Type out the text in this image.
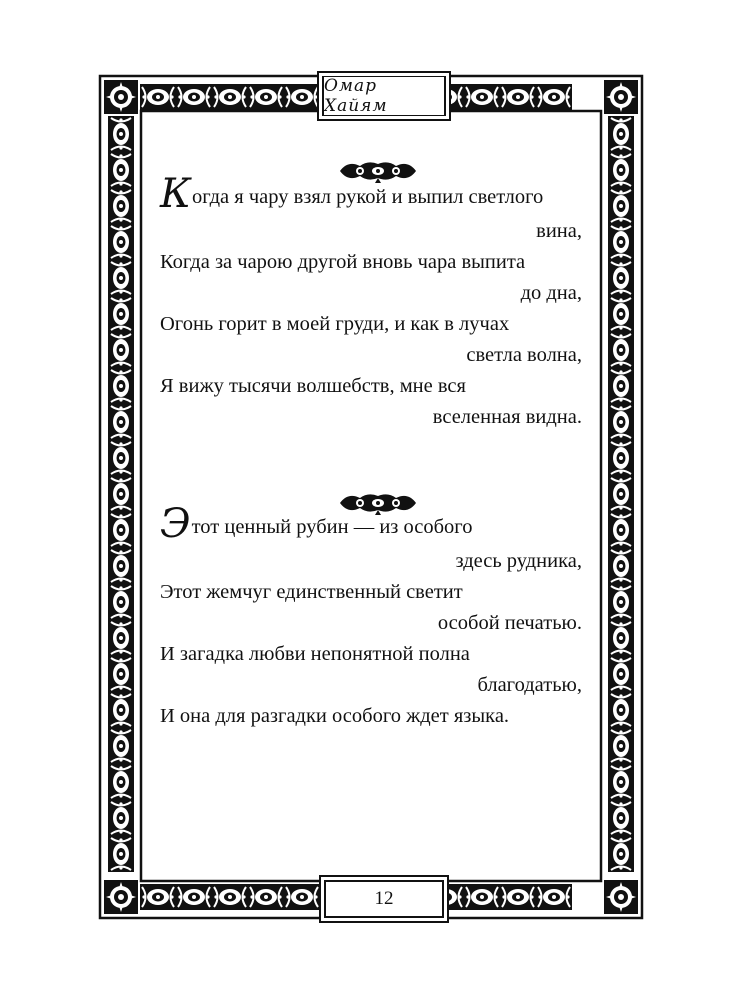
Омар Хайям
12
Когда я чару взял рукой и выпил светлого
вина,
Когда за чарою другой вновь чара выпита
до дна,
Огонь горит в моей груди, и как в лучах
светла волна,
Я вижу тысячи волшебств, мне вся
вселенная видна.
Этот ценный рубин — из особого
здесь рудника,
Этот жемчуг единственный светит
особой печатью.
И загадка любви непонятной полна
благодатью,
И она для разгадки особого ждет языка.
